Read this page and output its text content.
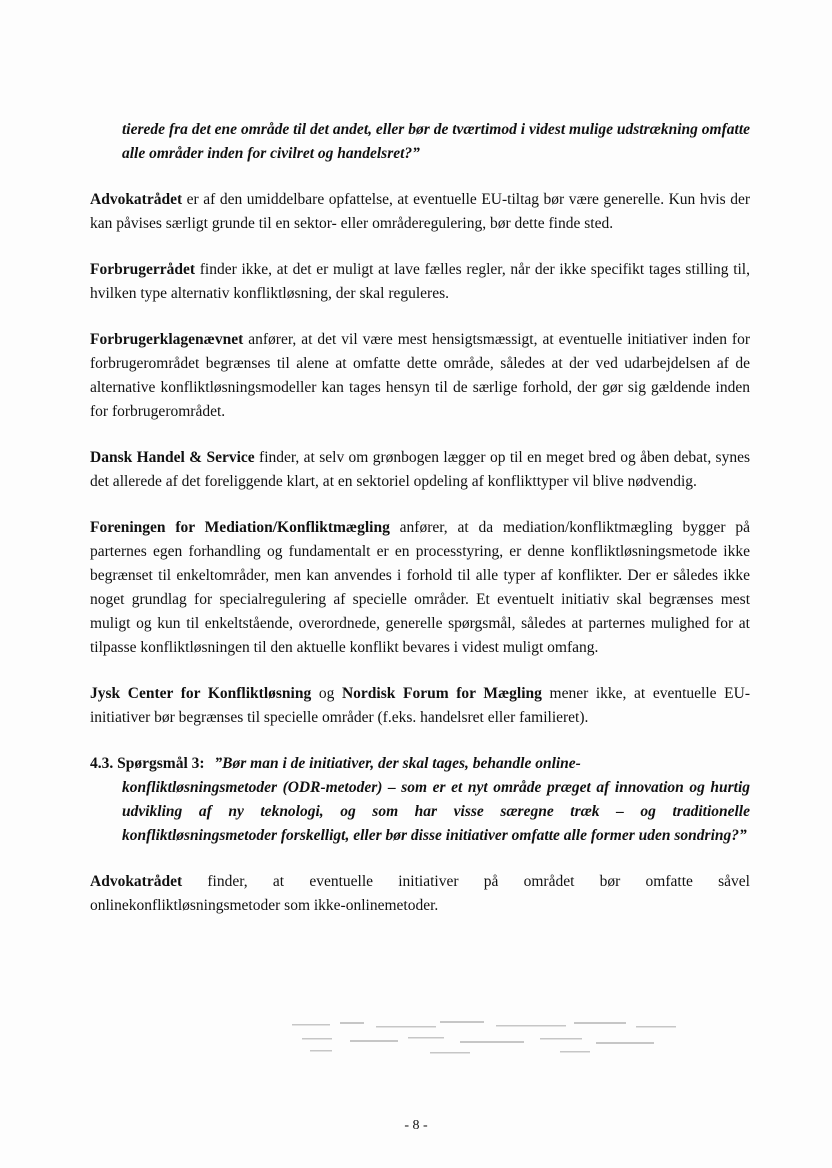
tierede fra det ene område til det andet, eller bør de tværtimod i videst mulige udstrækning omfatte alle områder inden for civilret og handelsret?”

Advokatrådet er af den umiddelbare opfattelse, at eventuelle EU-tiltag bør være generelle. Kun hvis der kan påvises særligt grunde til en sektor- eller områderegulering, bør dette finde sted.

Forbrugerrådet finder ikke, at det er muligt at lave fælles regler, når der ikke specifikt tages stilling til, hvilken type alternativ konfliktløsning, der skal reguleres.

Forbrugerklagenævnet anfører, at det vil være mest hensigtsmæssigt, at eventuelle initiativer inden for forbrugerområdet begrænses til alene at omfatte dette område, således at der ved udarbejdelsen af de alternative konfliktløsningsmodeller kan tages hensyn til de særlige forhold, der gør sig gældende inden for forbrugerområdet.

Dansk Handel & Service finder, at selv om grønbogen lægger op til en meget bred og åben debat, synes det allerede af det foreliggende klart, at en sektoriel opdeling af konflikttyper vil blive nødvendig.

Foreningen for Mediation/Konfliktmægling anfører, at da mediation/konfliktmægling bygger på parternes egen forhandling og fundamentalt er en processtyring, er denne konfliktløsningsmetode ikke begrænset til enkeltområder, men kan anvendes i forhold til alle typer af konflikter. Der er således ikke noget grundlag for specialregulering af specielle områder. Et eventuelt initiativ skal begrænses mest muligt og kun til enkeltstående, overordnede, generelle spørgsmål, således at parternes mulighed for at tilpasse konfliktløsningen til den aktuelle konflikt bevares i videst muligt omfang.

Jysk Center for Konfliktløsning og Nordisk Forum for Mægling mener ikke, at eventuelle EU-initiativer bør begrænses til specielle områder (f.eks. handelsret eller familieret).

4.3. Spørgsmål 3: ”Bør man i de initiativer, der skal tages, behandle online-
konfliktløsningsmetoder (ODR-metoder) – som er et nyt område præget af innovation og hurtig udvikling af ny teknologi, og som har visse særegne træk – og traditionelle konfliktløsningsmetoder forskelligt, eller bør disse initiativer omfatte alle former uden sondring?”

Advokatrådet finder, at eventuelle initiativer på området bør omfatte såvel onlinekonfliktløsningsmetoder som ikke-onlinemetoder.

- 8 -
